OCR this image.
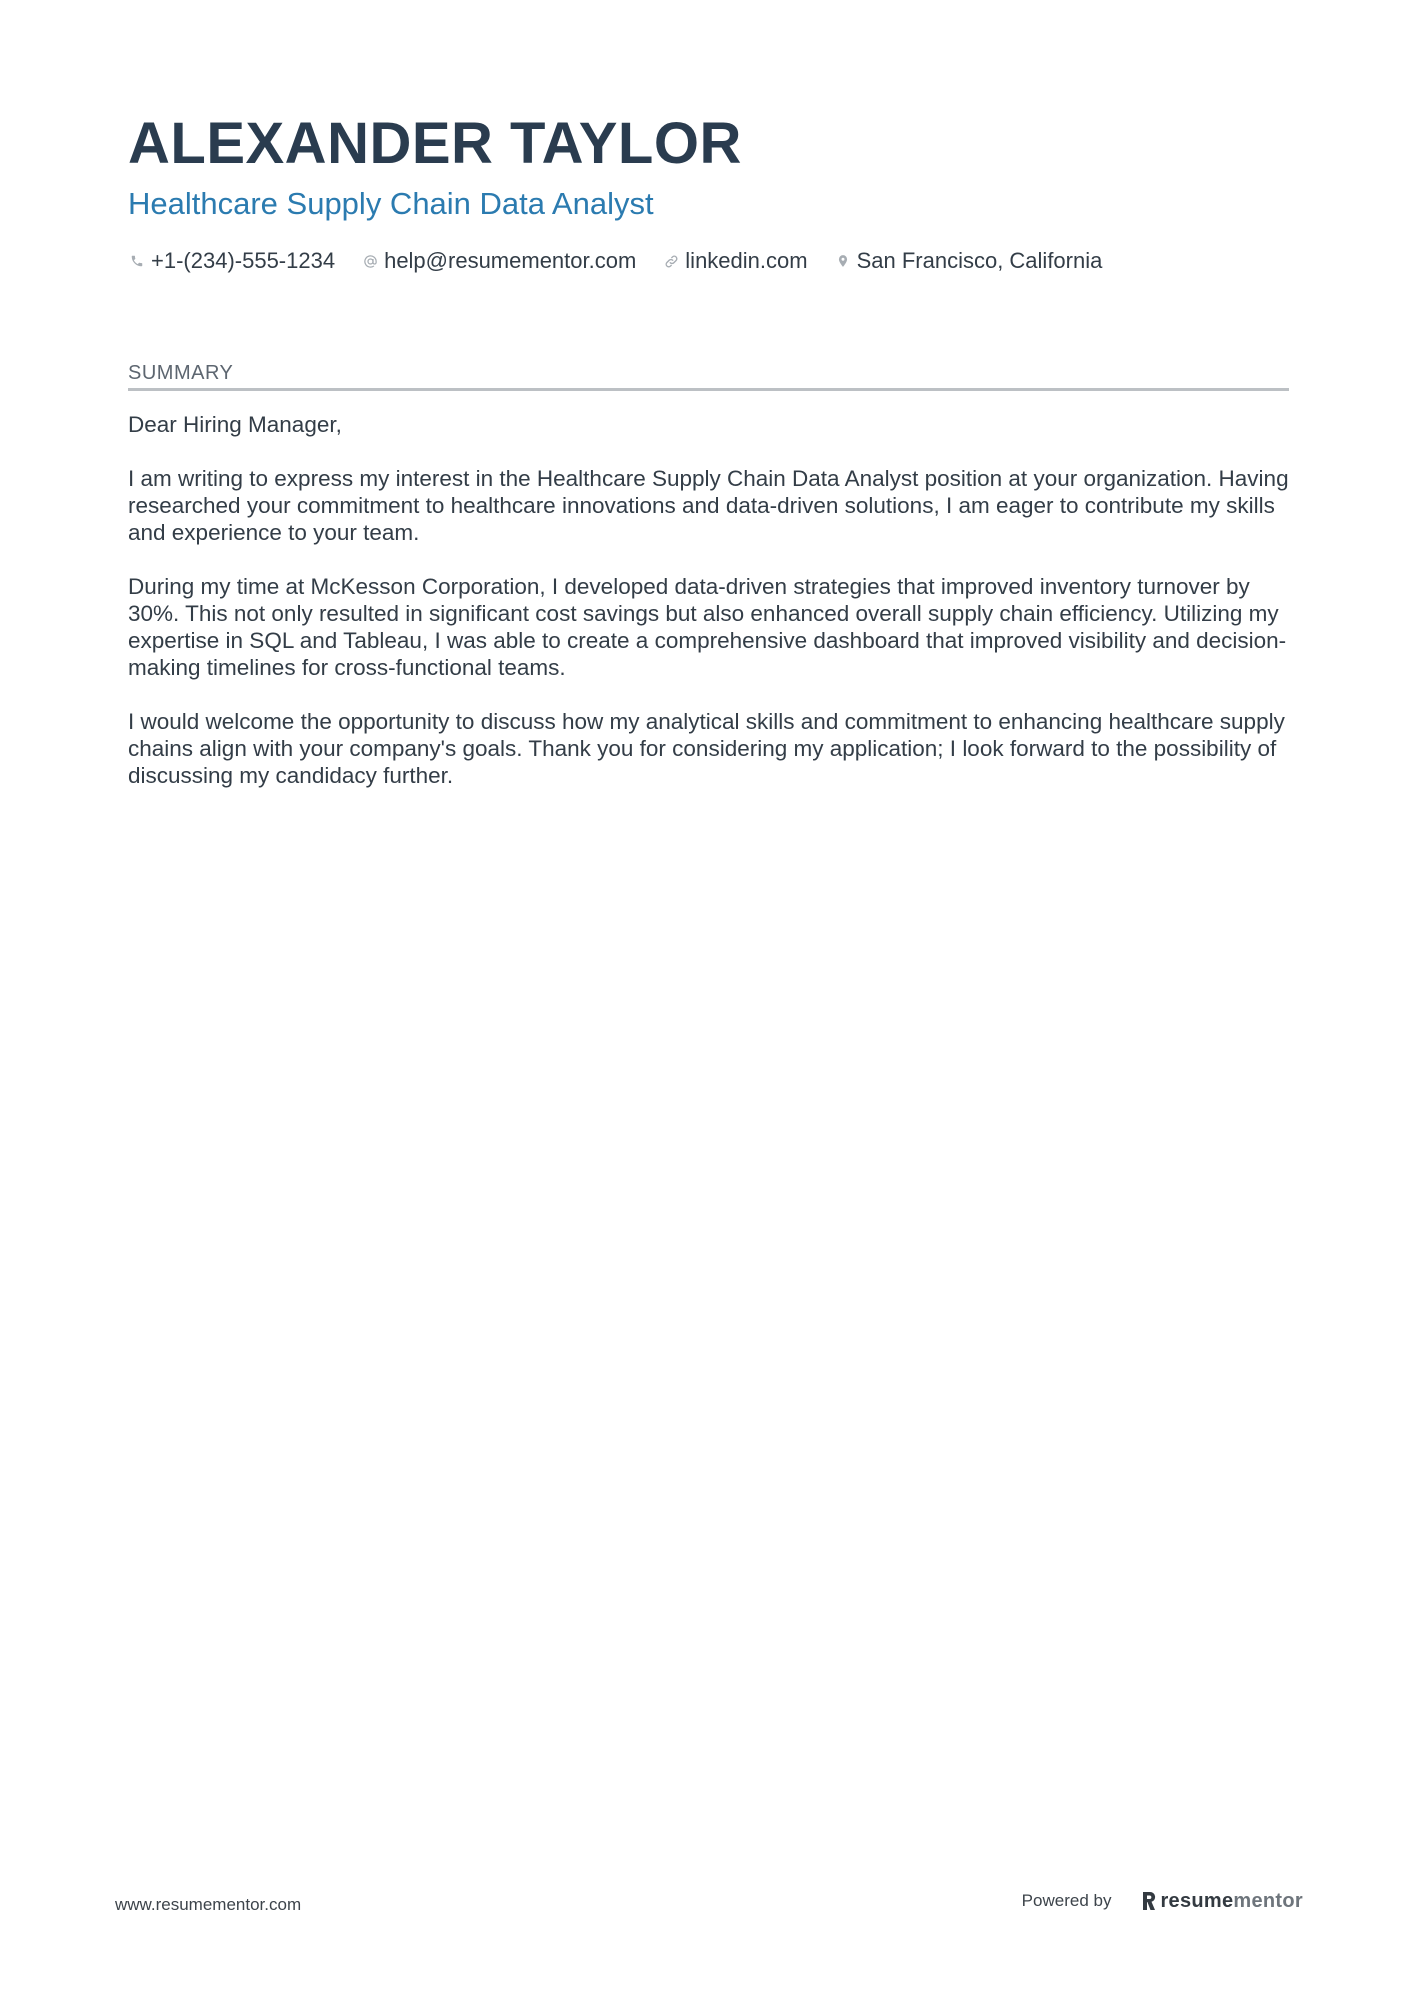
ALEXANDER TAYLOR
Healthcare Supply Chain Data Analyst
+1-(234)-555-1234 help@resumementor.com linkedin.com San Francisco, California
SUMMARY

Dear Hiring Manager,

I am writing to express my interest in the Healthcare Supply Chain Data Analyst position at your organization. Having researched your commitment to healthcare innovations and data-driven solutions, I am eager to contribute my skills and experience to your team.

During my time at McKesson Corporation, I developed data-driven strategies that improved inventory turnover by 30%. This not only resulted in significant cost savings but also enhanced overall supply chain efficiency. Utilizing my expertise in SQL and Tableau, I was able to create a comprehensive dashboard that improved visibility and decision-making timelines for cross-functional teams.

I would welcome the opportunity to discuss how my analytical skills and commitment to enhancing healthcare supply chains align with your company's goals. Thank you for considering my application; I look forward to the possibility of discussing my candidacy further.

www.resumementor.com	Powered by resume mentor
